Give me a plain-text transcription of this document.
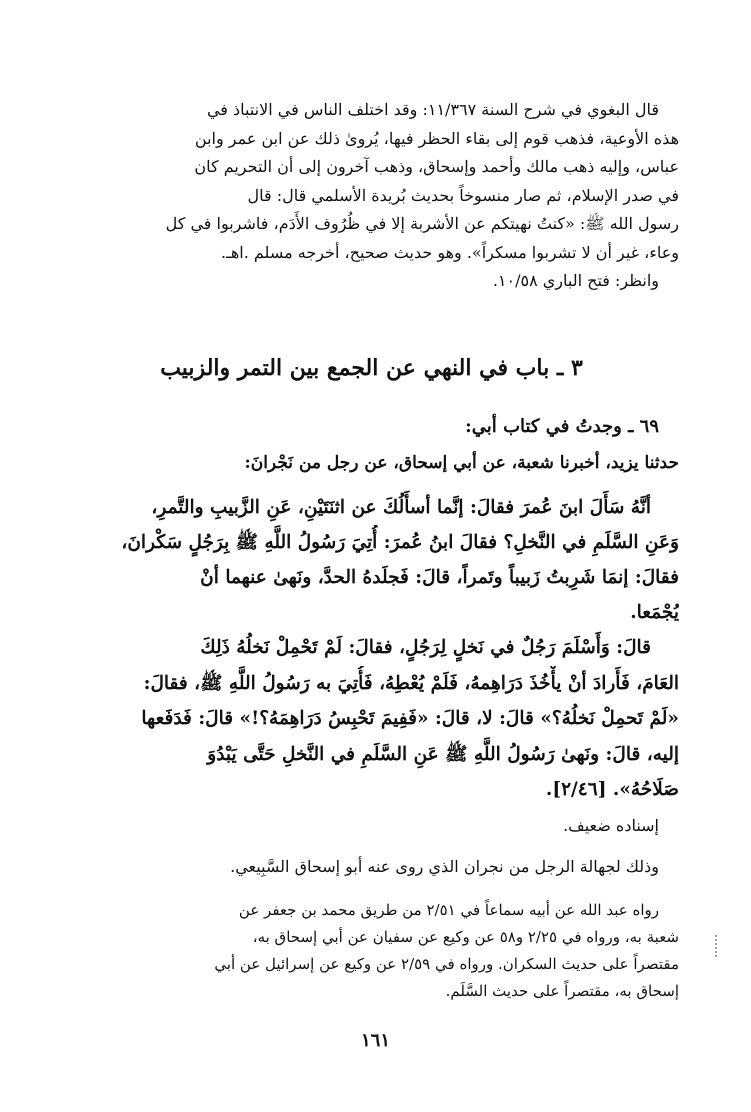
قال البغوي في شرح السنة ١١/٣٦٧: وقد اختلف الناس في الانتباذ في
هذه الأوعية، فذهب قوم إلى بقاء الحظر فيها، يُروىٰ ذلك عن ابن عمر وابن
عباس، وإليه ذهب مالك وأحمد وإسحاق، وذهب آخرون إلى أن التحريم كان
في صدر الإسلام، ثم صار منسوخاً بحديث بُريدة الأسلمي قال: قال
رسول الله ﷺ: «كنتُ نهيتكم عن الأشربة إلا في ظُرُوف الأَدَم، فاشربوا في كل
وعاء، غير أن لا تشربوا مسكراً». وهو حديث صحيح، أخرجه مسلم .اهـ.
وانظر: فتح الباري ١٠/٥٨.
٣ ـ باب في النهي عن الجمع بين التمر والزبيب
٦٩ ـ وجدتُ في كتاب أبي:
حدثنا يزيد، أخبرنا شعبة، عن أبي إسحاق، عن رجل من نَجْرانَ:
أنَّهُ سَأَلَ ابنَ عُمرَ فقالَ: إنَّما أسأَلُكَ عن اثنَتَيْنِ، عَنِ الزَّبيبِ والتَّمرِ،
وَعَنِ السَّلَمِ في النَّخلِ؟ فقالَ ابنُ عُمرَ: أُتِيَ رَسُولُ اللَّهِ ﷺ بِرَجُلٍ سَكْرانَ،
فقالَ: إنمَا شَرِبتُ زَبيباً وتَمراً، قالَ: فَجلَدهُ الحدَّ، ونَهىٰ عنهما أنْ
يُجْمَعا.
قالَ: وَأَسْلَمَ رَجُلٌ في نَخلٍ لِرَجُلٍ، فقالَ: لَمْ تَحْمِلْ نَخلُهُ ذَلِكَ
العَامَ، فَأَرادَ أنْ يأْخُذَ دَرَاهِمهُ، فَلَمْ يُعْطِهُ، فَأُتِيَ به رَسُولُ اللَّهِ ﷺ، فقالَ:
«لَمْ تَحمِلْ نَخلُهُ؟» قالَ: لا، قالَ: «فَفِيمَ تَحْبِسُ دَرَاهِمَهُ؟!» قالَ: فَدَفَعها
إليه، قالَ: ونَهىٰ رَسُولُ اللَّهِ ﷺ عَنِ السَّلَمِ في النَّخلِ حَتَّى يَبْدُوَ
صَلَاحُهُ». [٢/٤٦].
إسناده ضعيف.
وذلك لجهالة الرجل من نجران الذي روى عنه أبو إسحاق السَّبِيعي.
رواه عبد الله عن أبيه سماعاً في ٢/٥١ من طريق محمد بن جعفر عن
شعبة به، ورواه في ٢/٢٥ و٥٨ عن وكيع عن سفيان عن أبي إسحاق به،
مقتصراً على حديث السكران. ورواه في ٢/٥٩ عن وكيع عن إسرائيل عن أبي
إسحاق به، مقتصراً على حديث السَّلَم.
١٦١
